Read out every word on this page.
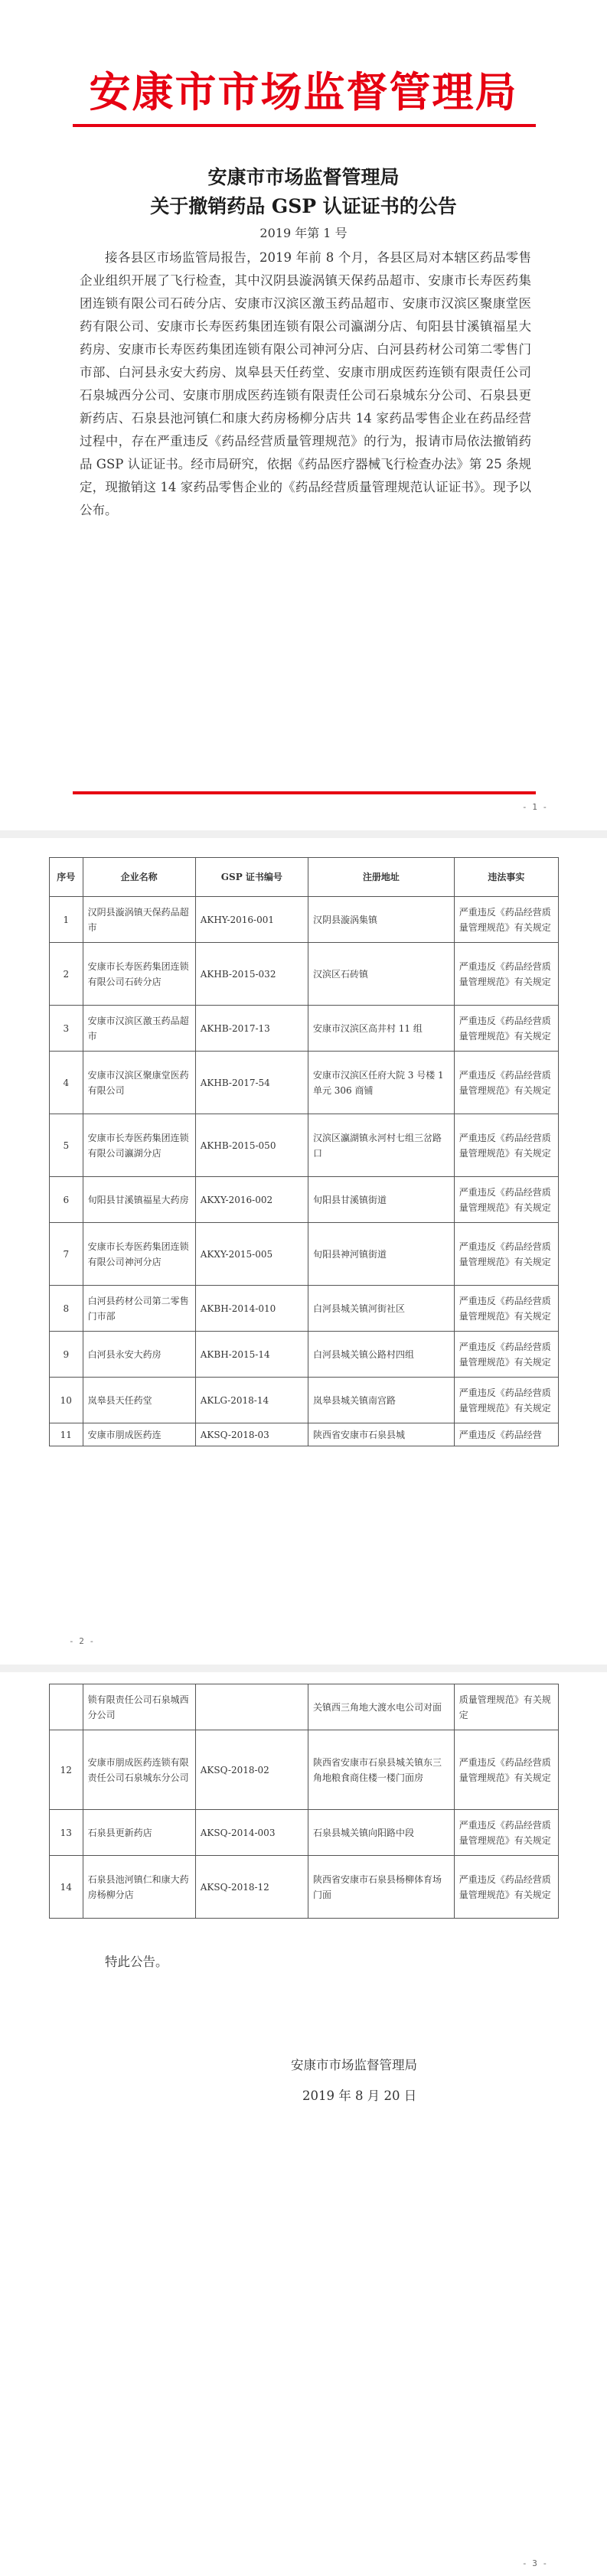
安康市市场监督管理局
安康市市场监督管理局
关于撤销药品 GSP 认证证书的公告
2019 年第 1 号

接各县区市场监管局报告，2019 年前 8 个月，各县区局对本辖区药品零售企业组织开展了飞行检查，其中汉阴县漩涡镇天保药品超市、安康市长寿医药集团连锁有限公司石砖分店、安康市汉滨区激玉药品超市、安康市汉滨区聚康堂医药有限公司、安康市长寿医药集团连锁有限公司瀛湖分店、旬阳县甘溪镇福星大药房、安康市长寿医药集团连锁有限公司神河分店、白河县药材公司第二零售门市部、白河县永安大药房、岚皋县天任药堂、安康市朋成医药连锁有限责任公司石泉城西分公司、安康市朋成医药连锁有限责任公司石泉城东分公司、石泉县更新药店、石泉县池河镇仁和康大药房杨柳分店共 14 家药品零售企业在药品经营过程中，存在严重违反《药品经营质量管理规范》的行为，报请市局依法撤销药品 GSP 认证证书。经市局研究，依据《药品医疗器械飞行检查办法》第 25 条规定，现撤销这 14 家药品零售企业的《药品经营质量管理规范认证证书》。现予以公布。

- 1 -
序号	企业名称	GSP 证书编号	注册地址	违法事实
1	汉阴县漩涡镇天保药品超市	AKHY-2016-001	汉阴县漩涡集镇	严重违反《药品经营质量管理规范》有关规定
2	安康市长寿医药集团连锁有限公司石砖分店	AKHB-2015-032	汉滨区石砖镇	严重违反《药品经营质量管理规范》有关规定
3	安康市汉滨区激玉药品超市	AKHB-2017-13	安康市汉滨区高井村 11 组	严重违反《药品经营质量管理规范》有关规定
4	安康市汉滨区聚康堂医药有限公司	AKHB-2017-54	安康市汉滨区任府大院 3 号楼 1 单元 306 商铺	严重违反《药品经营质量管理规范》有关规定
5	安康市长寿医药集团连锁有限公司瀛湖分店	AKHB-2015-050	汉滨区瀛湖镇永河村七组三岔路口	严重违反《药品经营质量管理规范》有关规定
6	旬阳县甘溪镇福星大药房	AKXY-2016-002	旬阳县甘溪镇街道	严重违反《药品经营质量管理规范》有关规定
7	安康市长寿医药集团连锁有限公司神河分店	AKXY-2015-005	旬阳县神河镇街道	严重违反《药品经营质量管理规范》有关规定
8	白河县药材公司第二零售门市部	AKBH-2014-010	白河县城关镇河街社区	严重违反《药品经营质量管理规范》有关规定
9	白河县永安大药房	AKBH-2015-14	白河县城关镇公路村四组	严重违反《药品经营质量管理规范》有关规定
10	岚皋县天任药堂	AKLG-2018-14	岚皋县城关镇南宫路	严重违反《药品经营质量管理规范》有关规定
11	安康市朋成医药连	AKSQ-2018-03	陕西省安康市石泉县城	严重违反《药品经营
- 2 -
	锁有限责任公司石泉城西分公司		关镇西三角地大渡水电公司对面	质量管理规范》有关规定
12	安康市朋成医药连锁有限责任公司石泉城东分公司	AKSQ-2018-02	陕西省安康市石泉县城关镇东三角地粮食商住楼一楼门面房	严重违反《药品经营质量管理规范》有关规定
13	石泉县更新药店	AKSQ-2014-003	石泉县城关镇向阳路中段	严重违反《药品经营质量管理规范》有关规定
14	石泉县池河镇仁和康大药房杨柳分店	AKSQ-2018-12	陕西省安康市石泉县杨柳体育场门面	严重违反《药品经营质量管理规范》有关规定
特此公告。
安康市市场监督管理局
2019 年 8 月 20 日
- 3 -
